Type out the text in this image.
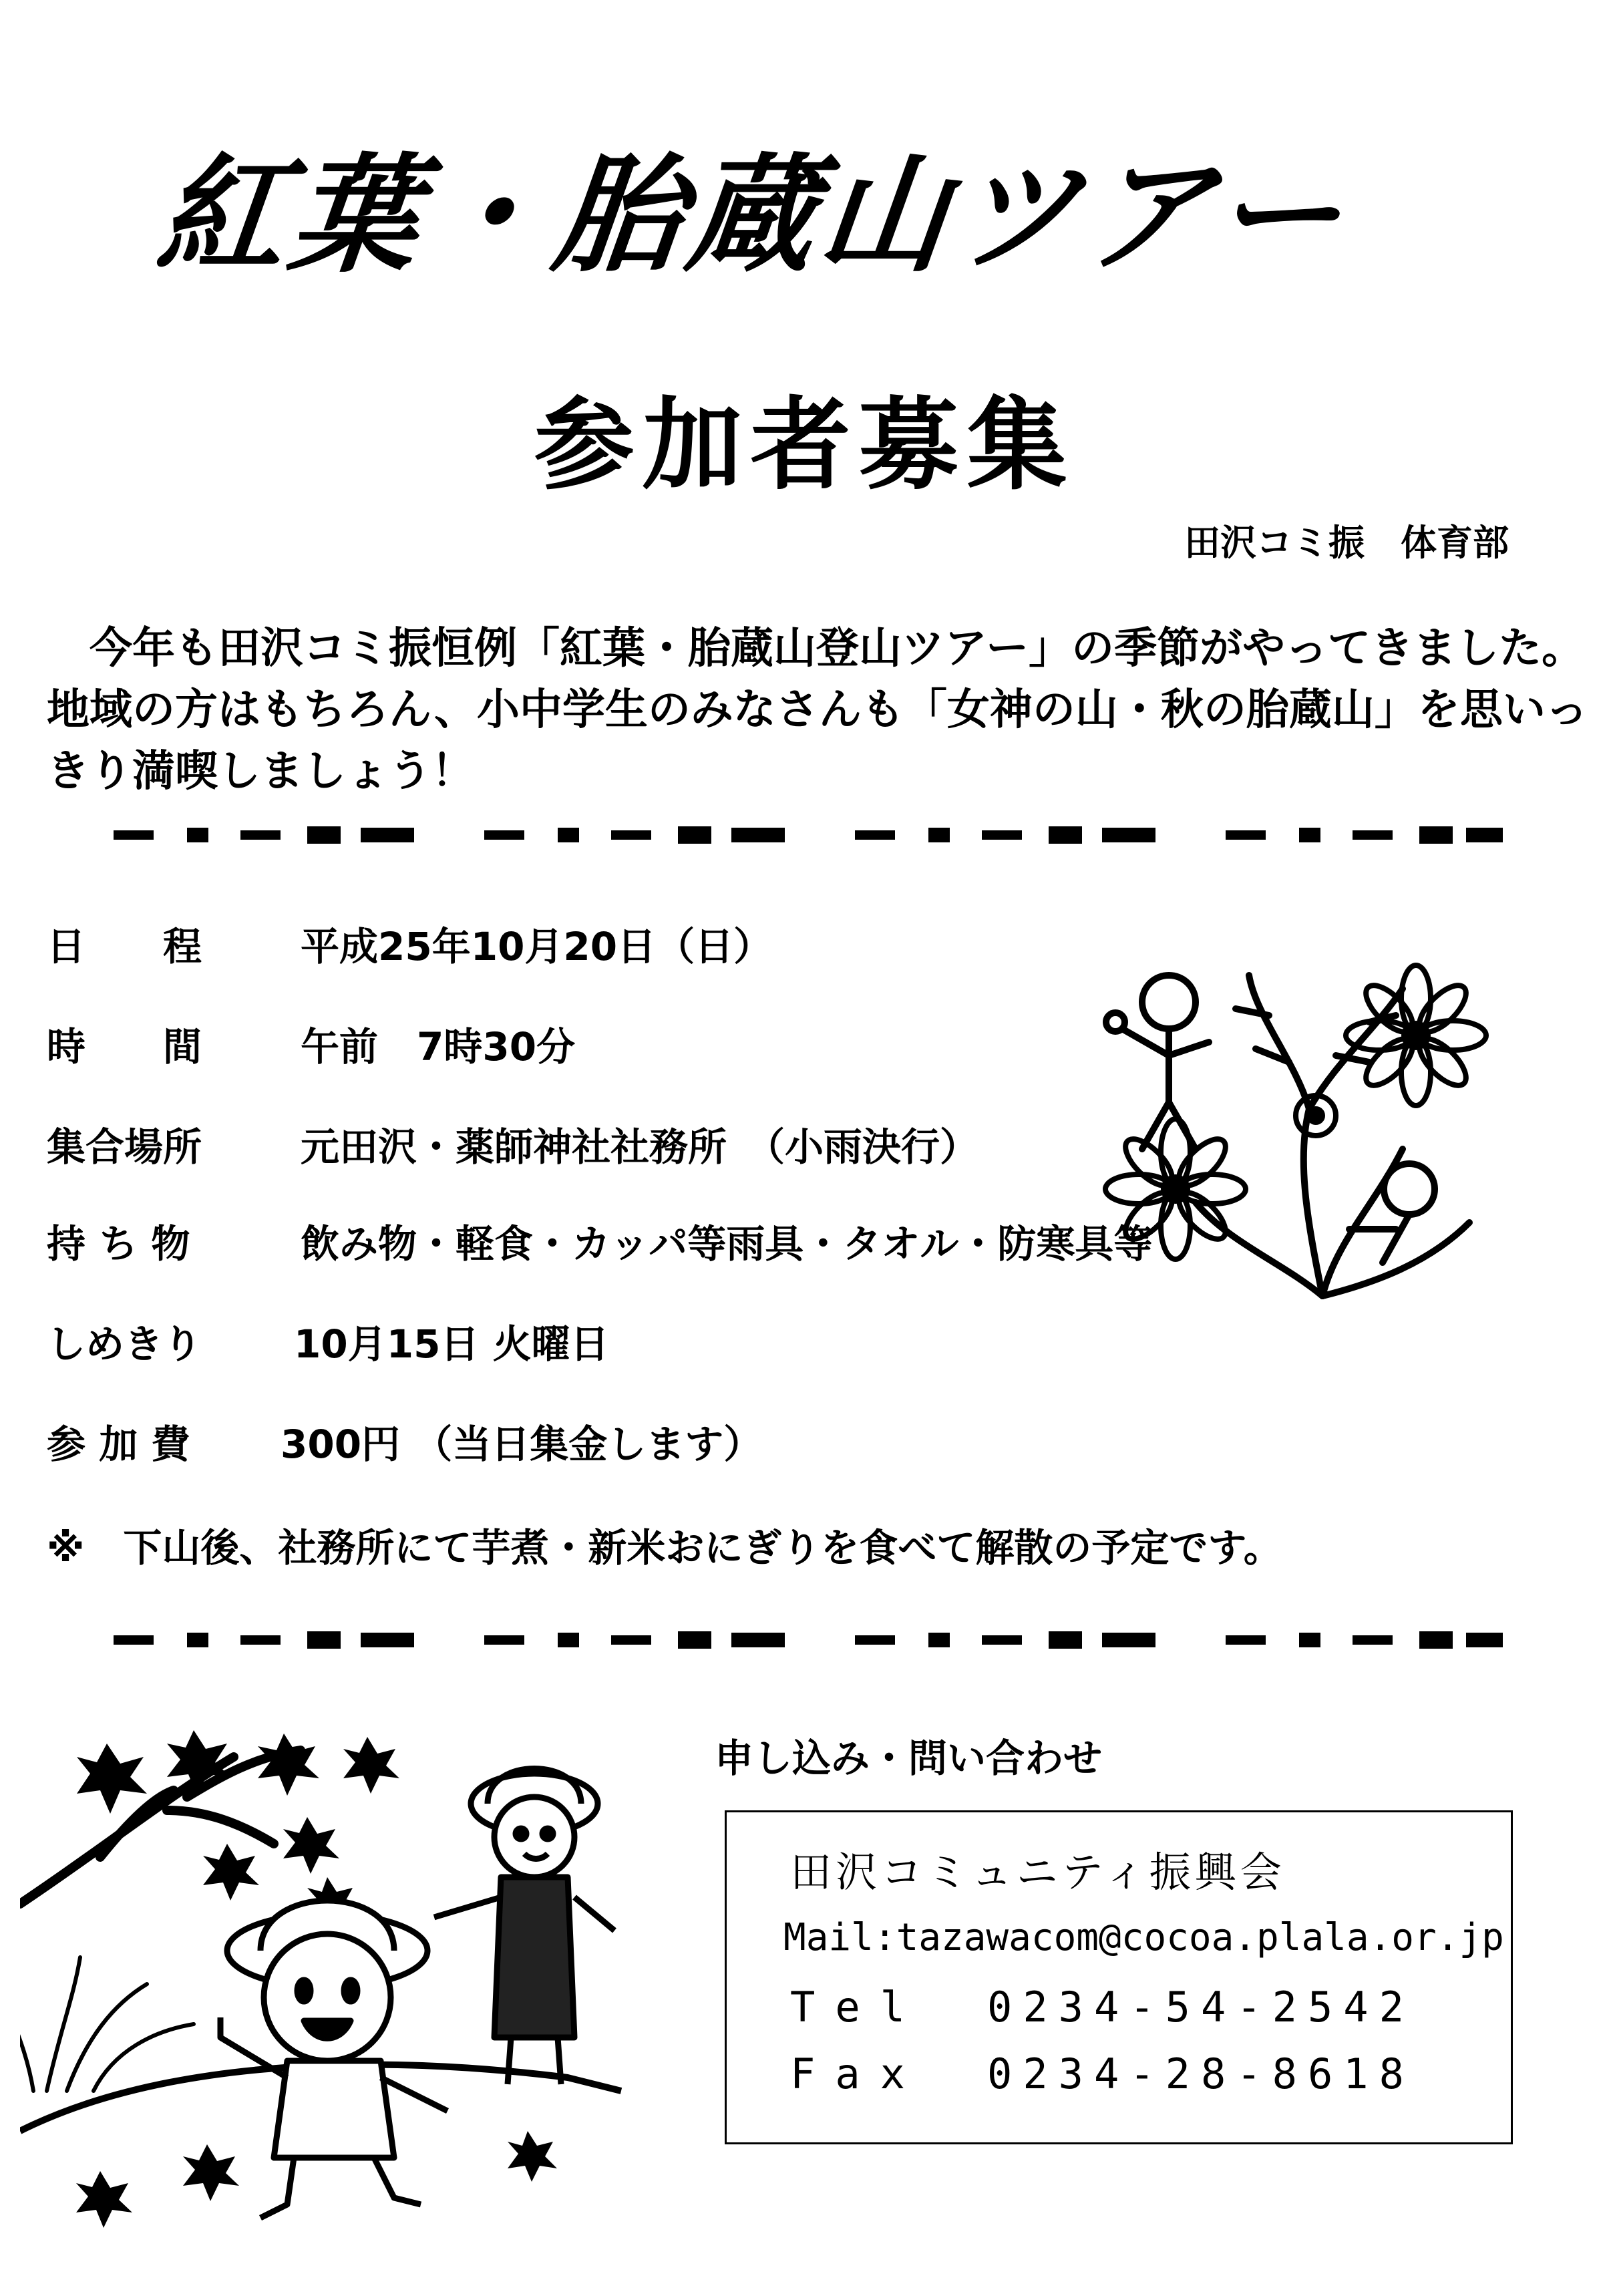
紅葉・胎蔵山ツアー
参加者募集
田沢コミ振　体育部

　今年も田沢コミ振恒例「紅葉・胎蔵山登山ツアー」の季節がやってきました。

地域の方はもちろん、小中学生のみなさんも「女神の山・秋の胎蔵山」を思いっ

きり満喫しましょう！

日　　程	平成25年10月20日（日）
時　　間	午前　7時30分
集合場所	元田沢・薬師神社社務所　（小雨決行）
持 ち 物	飲み物・軽食・カッパ等雨具・タオル・防寒具等
しめきり 10月15日 火曜日
参 加 費 300円 （当日集金します）
※　下山後、社務所にて芋煮・新米おにぎりを食べて解散の予定です。
申し込み・問い合わせ
田沢コミュニティ振興会
Mail:tazawacom@cocoa.plala.or.jp
Tel 0234-54-2542
Fax 0234-28-8618
